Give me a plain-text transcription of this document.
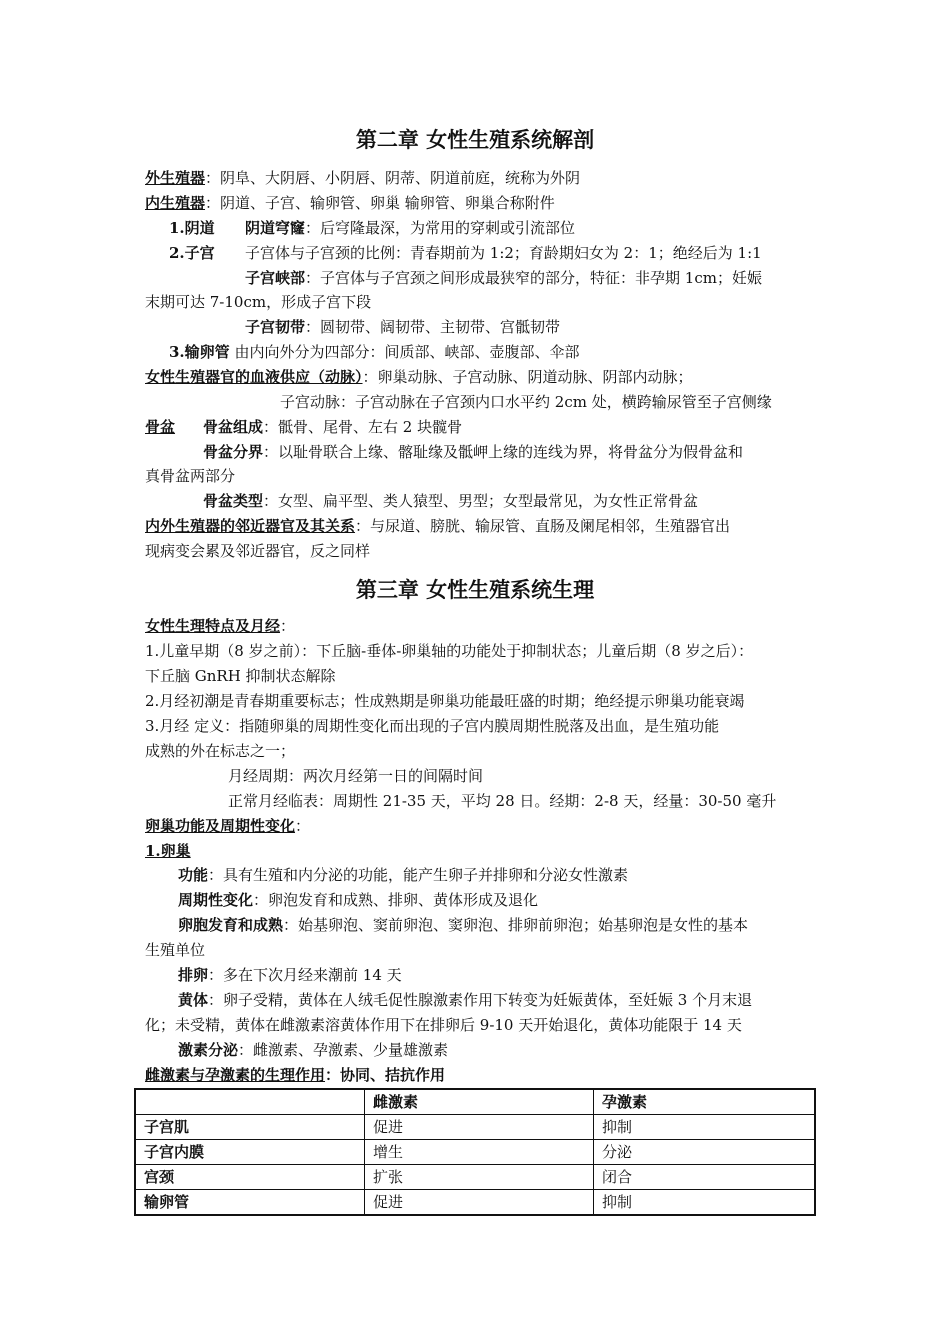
第二章 女性生殖系统解剖
外生殖器：阴阜、大阴唇、小阴唇、阴蒂、阴道前庭，统称为外阴
内生殖器：阴道、子宫、输卵管、卵巢 输卵管、卵巢合称附件
1.阴道 阴道穹窿：后穹隆最深，为常用的穿刺或引流部位
2.子宫 子宫体与子宫颈的比例：青春期前为 1:2；育龄期妇女为 2：1；绝经后为 1:1
子宫峡部：子宫体与子宫颈之间形成最狭窄的部分，特征：非孕期 1cm；妊娠
末期可达 7-10cm，形成子宫下段
子宫韧带：圆韧带、阔韧带、主韧带、宫骶韧带
3.输卵管 由内向外分为四部分：间质部、峡部、壶腹部、伞部
女性生殖器官的血液供应（动脉）：卵巢动脉、子宫动脉、阴道动脉、阴部内动脉；
子宫动脉：子宫动脉在子宫颈内口水平约 2cm 处，横跨输尿管至子宫侧缘
骨盆 骨盆组成：骶骨、尾骨、左右 2 块髋骨
骨盆分界：以耻骨联合上缘、髂耻缘及骶岬上缘的连线为界，将骨盆分为假骨盆和
真骨盆两部分
骨盆类型：女型、扁平型、类人猿型、男型；女型最常见，为女性正常骨盆
内外生殖器的邻近器官及其关系：与尿道、膀胱、输尿管、直肠及阑尾相邻，生殖器官出
现病变会累及邻近器官，反之同样
第三章 女性生殖系统生理
女性生理特点及月经：
1.儿童早期（8 岁之前）：下丘脑-垂体-卵巢轴的功能处于抑制状态；儿童后期（8 岁之后）：
下丘脑 GnRH 抑制状态解除
2.月经初潮是青春期重要标志；性成熟期是卵巢功能最旺盛的时期；绝经提示卵巢功能衰竭
3.月经 定义：指随卵巢的周期性变化而出现的子宫内膜周期性脱落及出血，是生殖功能
成熟的外在标志之一；
月经周期：两次月经第一日的间隔时间
正常月经临表：周期性 21-35 天，平均 28 日。经期：2-8 天，经量：30-50 毫升
卵巢功能及周期性变化：
1.卵巢
功能：具有生殖和内分泌的功能，能产生卵子并排卵和分泌女性激素
周期性变化：卵泡发育和成熟、排卵、黄体形成及退化
卵胞发育和成熟：始基卵泡、窦前卵泡、窦卵泡、排卵前卵泡；始基卵泡是女性的基本
生殖单位
排卵：多在下次月经来潮前 14 天
黄体：卵子受精，黄体在人绒毛促性腺激素作用下转变为妊娠黄体，至妊娠 3 个月末退
化；未受精，黄体在雌激素溶黄体作用下在排卵后 9-10 天开始退化，黄体功能限于 14 天
激素分泌：雌激素、孕激素、少量雄激素
雌激素与孕激素的生理作用：协同、拮抗作用
	雌激素	孕激素
子宫肌	促进	抑制
子宫内膜	增生	分泌
宫颈	扩张	闭合
输卵管	促进	抑制
